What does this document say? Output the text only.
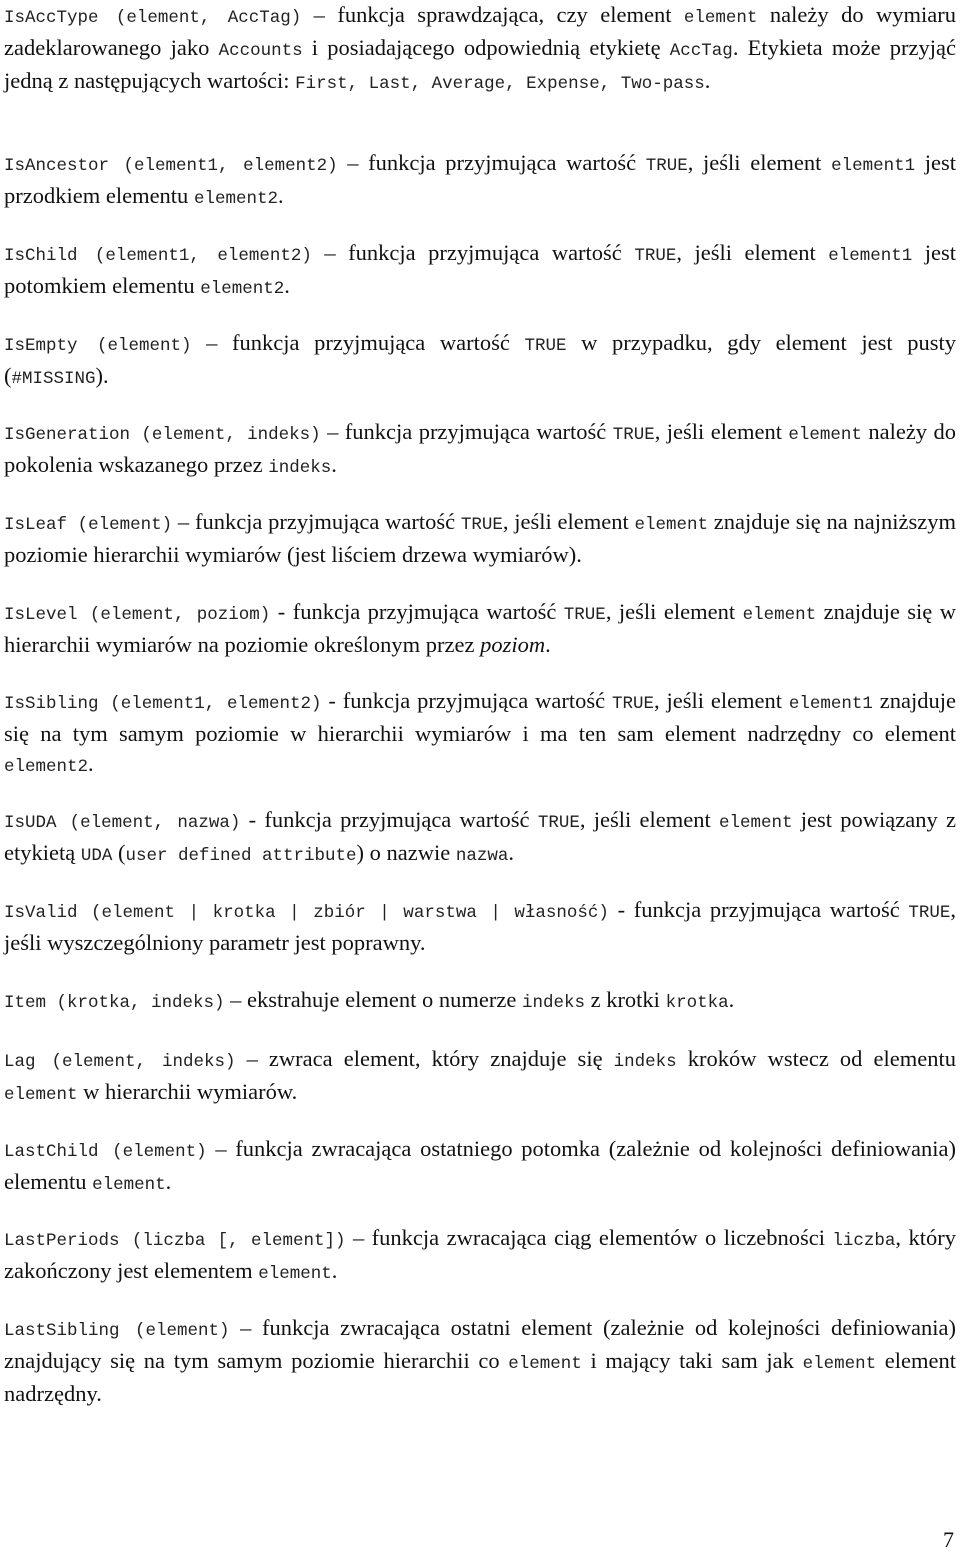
IsAccType (element, AccTag) – funkcja sprawdzająca, czy element element należy do wymiaru zadeklarowanego jako Accounts i posiadającego odpowiednią etykietę AccTag. Etykieta może przyjąć jedną z następujących wartości: First, Last, Average, Expense, Two-pass.

IsAncestor (element1, element2) – funkcja przyjmująca wartość TRUE, jeśli element element1 jest przodkiem elementu element2.

IsChild (element1, element2) – funkcja przyjmująca wartość TRUE, jeśli element element1 jest potomkiem elementu element2.

IsEmpty (element) – funkcja przyjmująca wartość TRUE w przypadku, gdy element jest pusty (#MISSING).

IsGeneration (element, indeks) – funkcja przyjmująca wartość TRUE, jeśli element element należy do pokolenia wskazanego przez indeks.

IsLeaf (element) – funkcja przyjmująca wartość TRUE, jeśli element element znajduje się na najniższym poziomie hierarchii wymiarów (jest liściem drzewa wymiarów).

IsLevel (element, poziom) - funkcja przyjmująca wartość TRUE, jeśli element element znajduje się w hierarchii wymiarów na poziomie określonym przez poziom.

IsSibling (element1, element2) - funkcja przyjmująca wartość TRUE, jeśli element element1 znajduje się na tym samym poziomie w hierarchii wymiarów i ma ten sam element nadrzędny co element element2.

IsUDA (element, nazwa) - funkcja przyjmująca wartość TRUE, jeśli element element jest powiązany z etykietą UDA (user defined attribute) o nazwie nazwa.

IsValid (element | krotka | zbiór | warstwa | własność) - funkcja przyjmująca wartość TRUE, jeśli wyszczególniony parametr jest poprawny.

Item (krotka, indeks) – ekstrahuje element o numerze indeks z krotki krotka.

Lag (element, indeks) – zwraca element, który znajduje się indeks kroków wstecz od elementu element w hierarchii wymiarów.

LastChild (element) – funkcja zwracająca ostatniego potomka (zależnie od kolejności definiowania) elementu element.

LastPeriods (liczba [, element]) – funkcja zwracająca ciąg elementów o liczebności liczba, który zakończony jest elementem element.

LastSibling (element) – funkcja zwracająca ostatni element (zależnie od kolejności definiowania) znajdujący się na tym samym poziomie hierarchii co element i mający taki sam jak element element nadrzędny.

7
